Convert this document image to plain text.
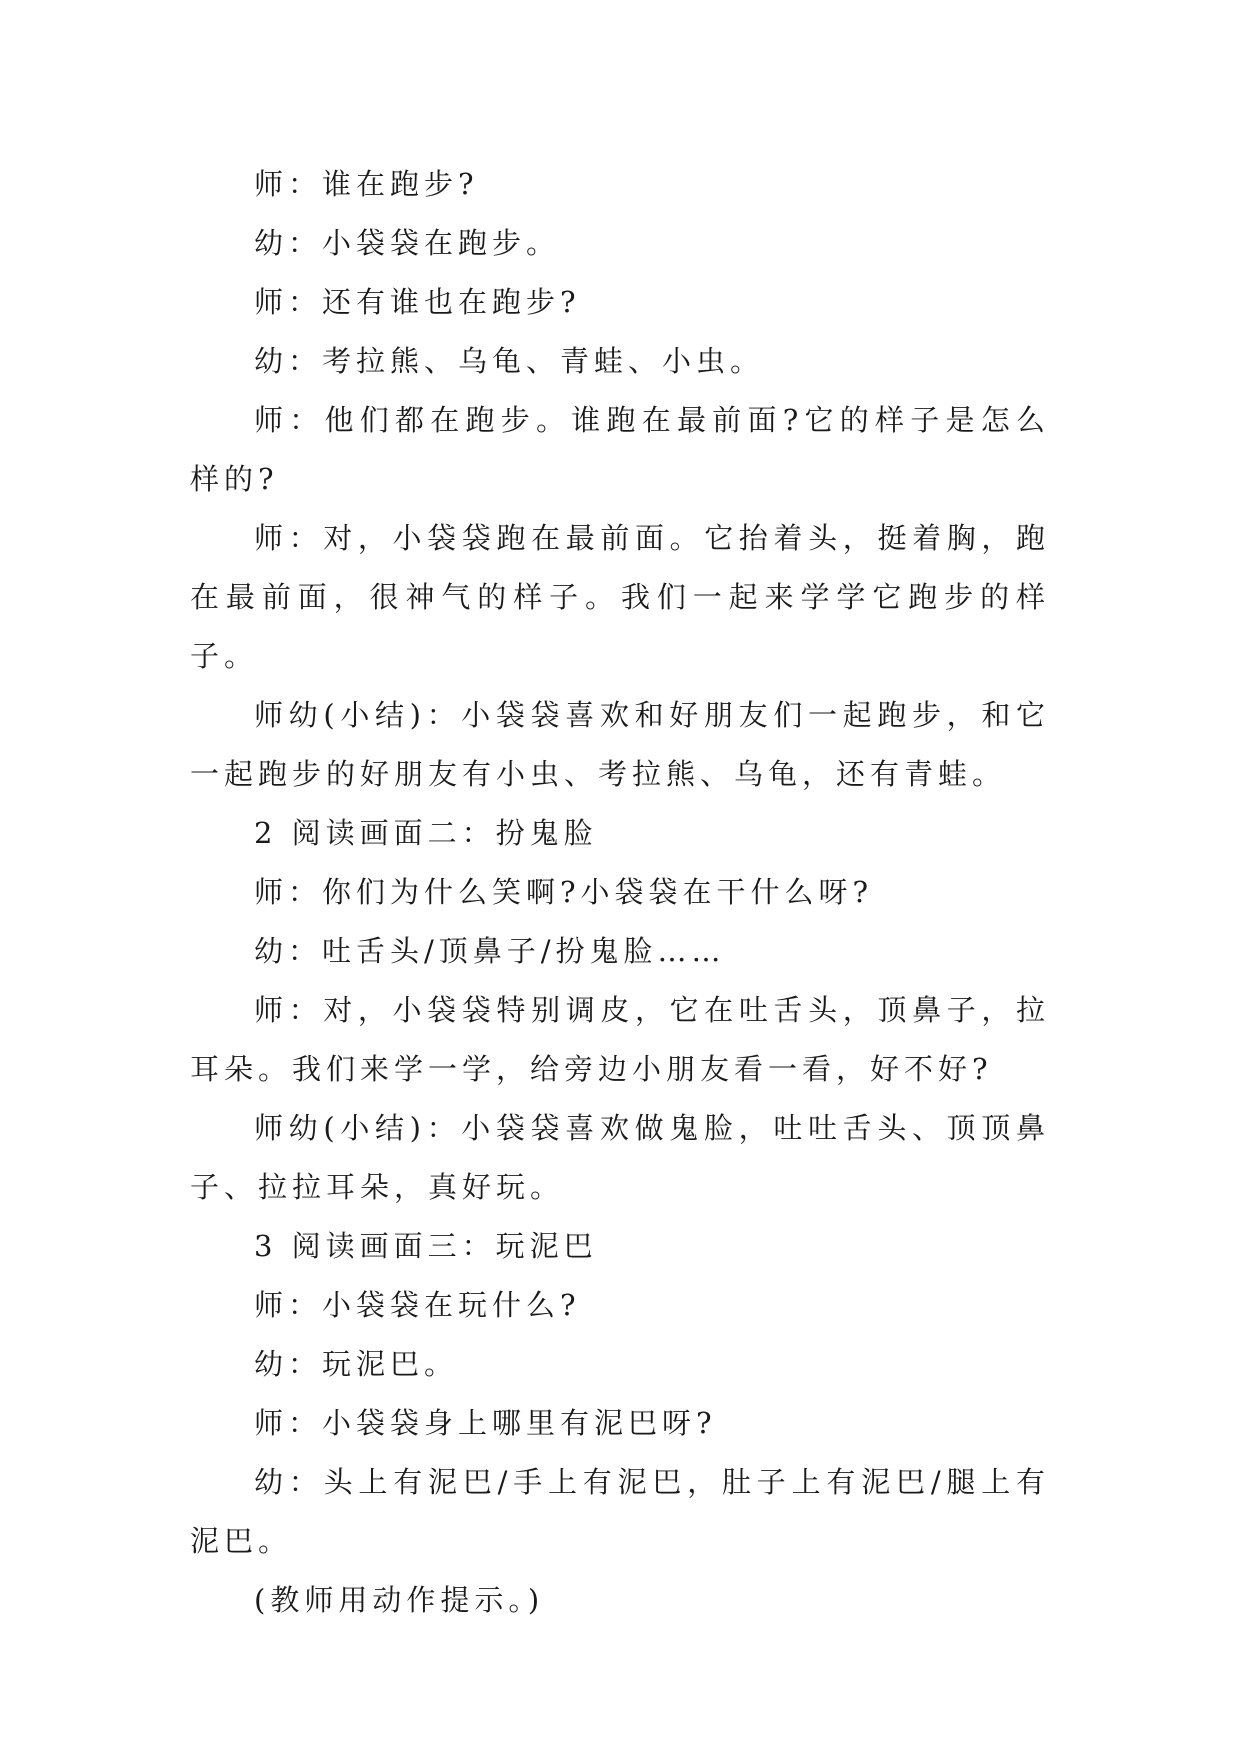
师：谁在跑步?

幼：小袋袋在跑步。

师：还有谁也在跑步?

幼：考拉熊、乌龟、青蛙、小虫。

师：他们都在跑步。谁跑在最前面?它的样子是怎么样的?

师：对，小袋袋跑在最前面。它抬着头，挺着胸，跑在最前面，很神气的样子。我们一起来学学它跑步的样子。

师幼(小结)：小袋袋喜欢和好朋友们一起跑步，和它一起跑步的好朋友有小虫、考拉熊、乌龟，还有青蛙。

2 阅读画面二：扮鬼脸

师：你们为什么笑啊?小袋袋在干什么呀?

幼：吐舌头/顶鼻子/扮鬼脸……

师：对，小袋袋特别调皮，它在吐舌头，顶鼻子，拉耳朵。我们来学一学，给旁边小朋友看一看，好不好?

师幼(小结)：小袋袋喜欢做鬼脸，吐吐舌头、顶顶鼻子、拉拉耳朵，真好玩。

3 阅读画面三：玩泥巴

师：小袋袋在玩什么?

幼：玩泥巴。

师：小袋袋身上哪里有泥巴呀?

幼：头上有泥巴/手上有泥巴，肚子上有泥巴/腿上有泥巴。

(教师用动作提示。)
